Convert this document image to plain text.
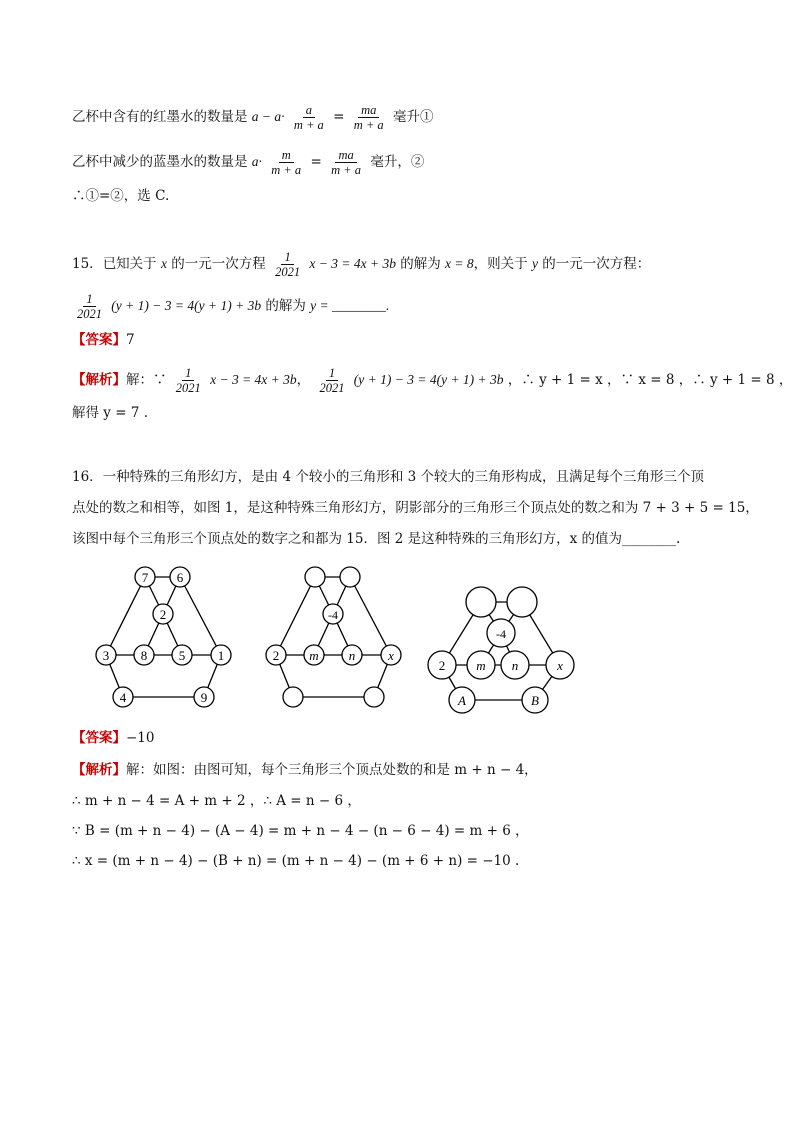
乙杯中含有的红墨水的数量是 $a - a\cdot \frac{a}{m + a} = \frac{ma}{m + a}$ 毫升①
乙杯中减少的蓝墨水的数量是 $a\cdot \frac{m}{m + a} = \frac{ma}{m + a}$ 毫升，②
∴①=②，选 C.
15．已知关于 x 的一元一次方程 $\frac{1}{2021}$ x − 3 = 4x + 3b 的解为 x = 8，则关于 y 的一元一次方程：
$\frac{1}{2021} (y + 1) - 3 = 4(y + 1) + 3b$ 的解为 y = ________.
【答案】7
【解析】解：∵ $\frac{1}{2021}$ x − 3 = 4x + 3b， $\frac{1}{2021} (y + 1) - 3 = 4(y + 1) + 3b$ ，∴ y + 1 = x ，∵ x = 8 ，∴ y + 1 = 8 ，
解得 y = 7 .
16．一种特殊的三角形幻方，是由 4 个较小的三角形和 3 个较大的三角形构成，且满足每个三角形三个顶
点处的数之和相等，如图 1，是这种特殊三角形幻方，阴影部分的三角形三个顶点处的数之和为 7 + 3 + 5 = 15，
该图中每个三角形三个顶点处的数字之和都为 15．图 2 是这种特殊的三角形幻方，x 的值为________.
7 6
2
3 8 5	1
4	9
-4
2 m n	x
-4
2 m n	x
A	B
【答案】−10
【解析】解：如图：由图可知，每个三角形三个顶点处数的和是 m + n − 4，
∴ m + n − 4 = A + m + 2 ，∴ A = n − 6 ，
∵ B = (m + n − 4) − (A − 4) = m + n − 4 − (n − 6 − 4) = m + 6 ，
∴ x = (m + n − 4) − (B + n) = (m + n − 4) − (m + 6 + n) = −10 .
